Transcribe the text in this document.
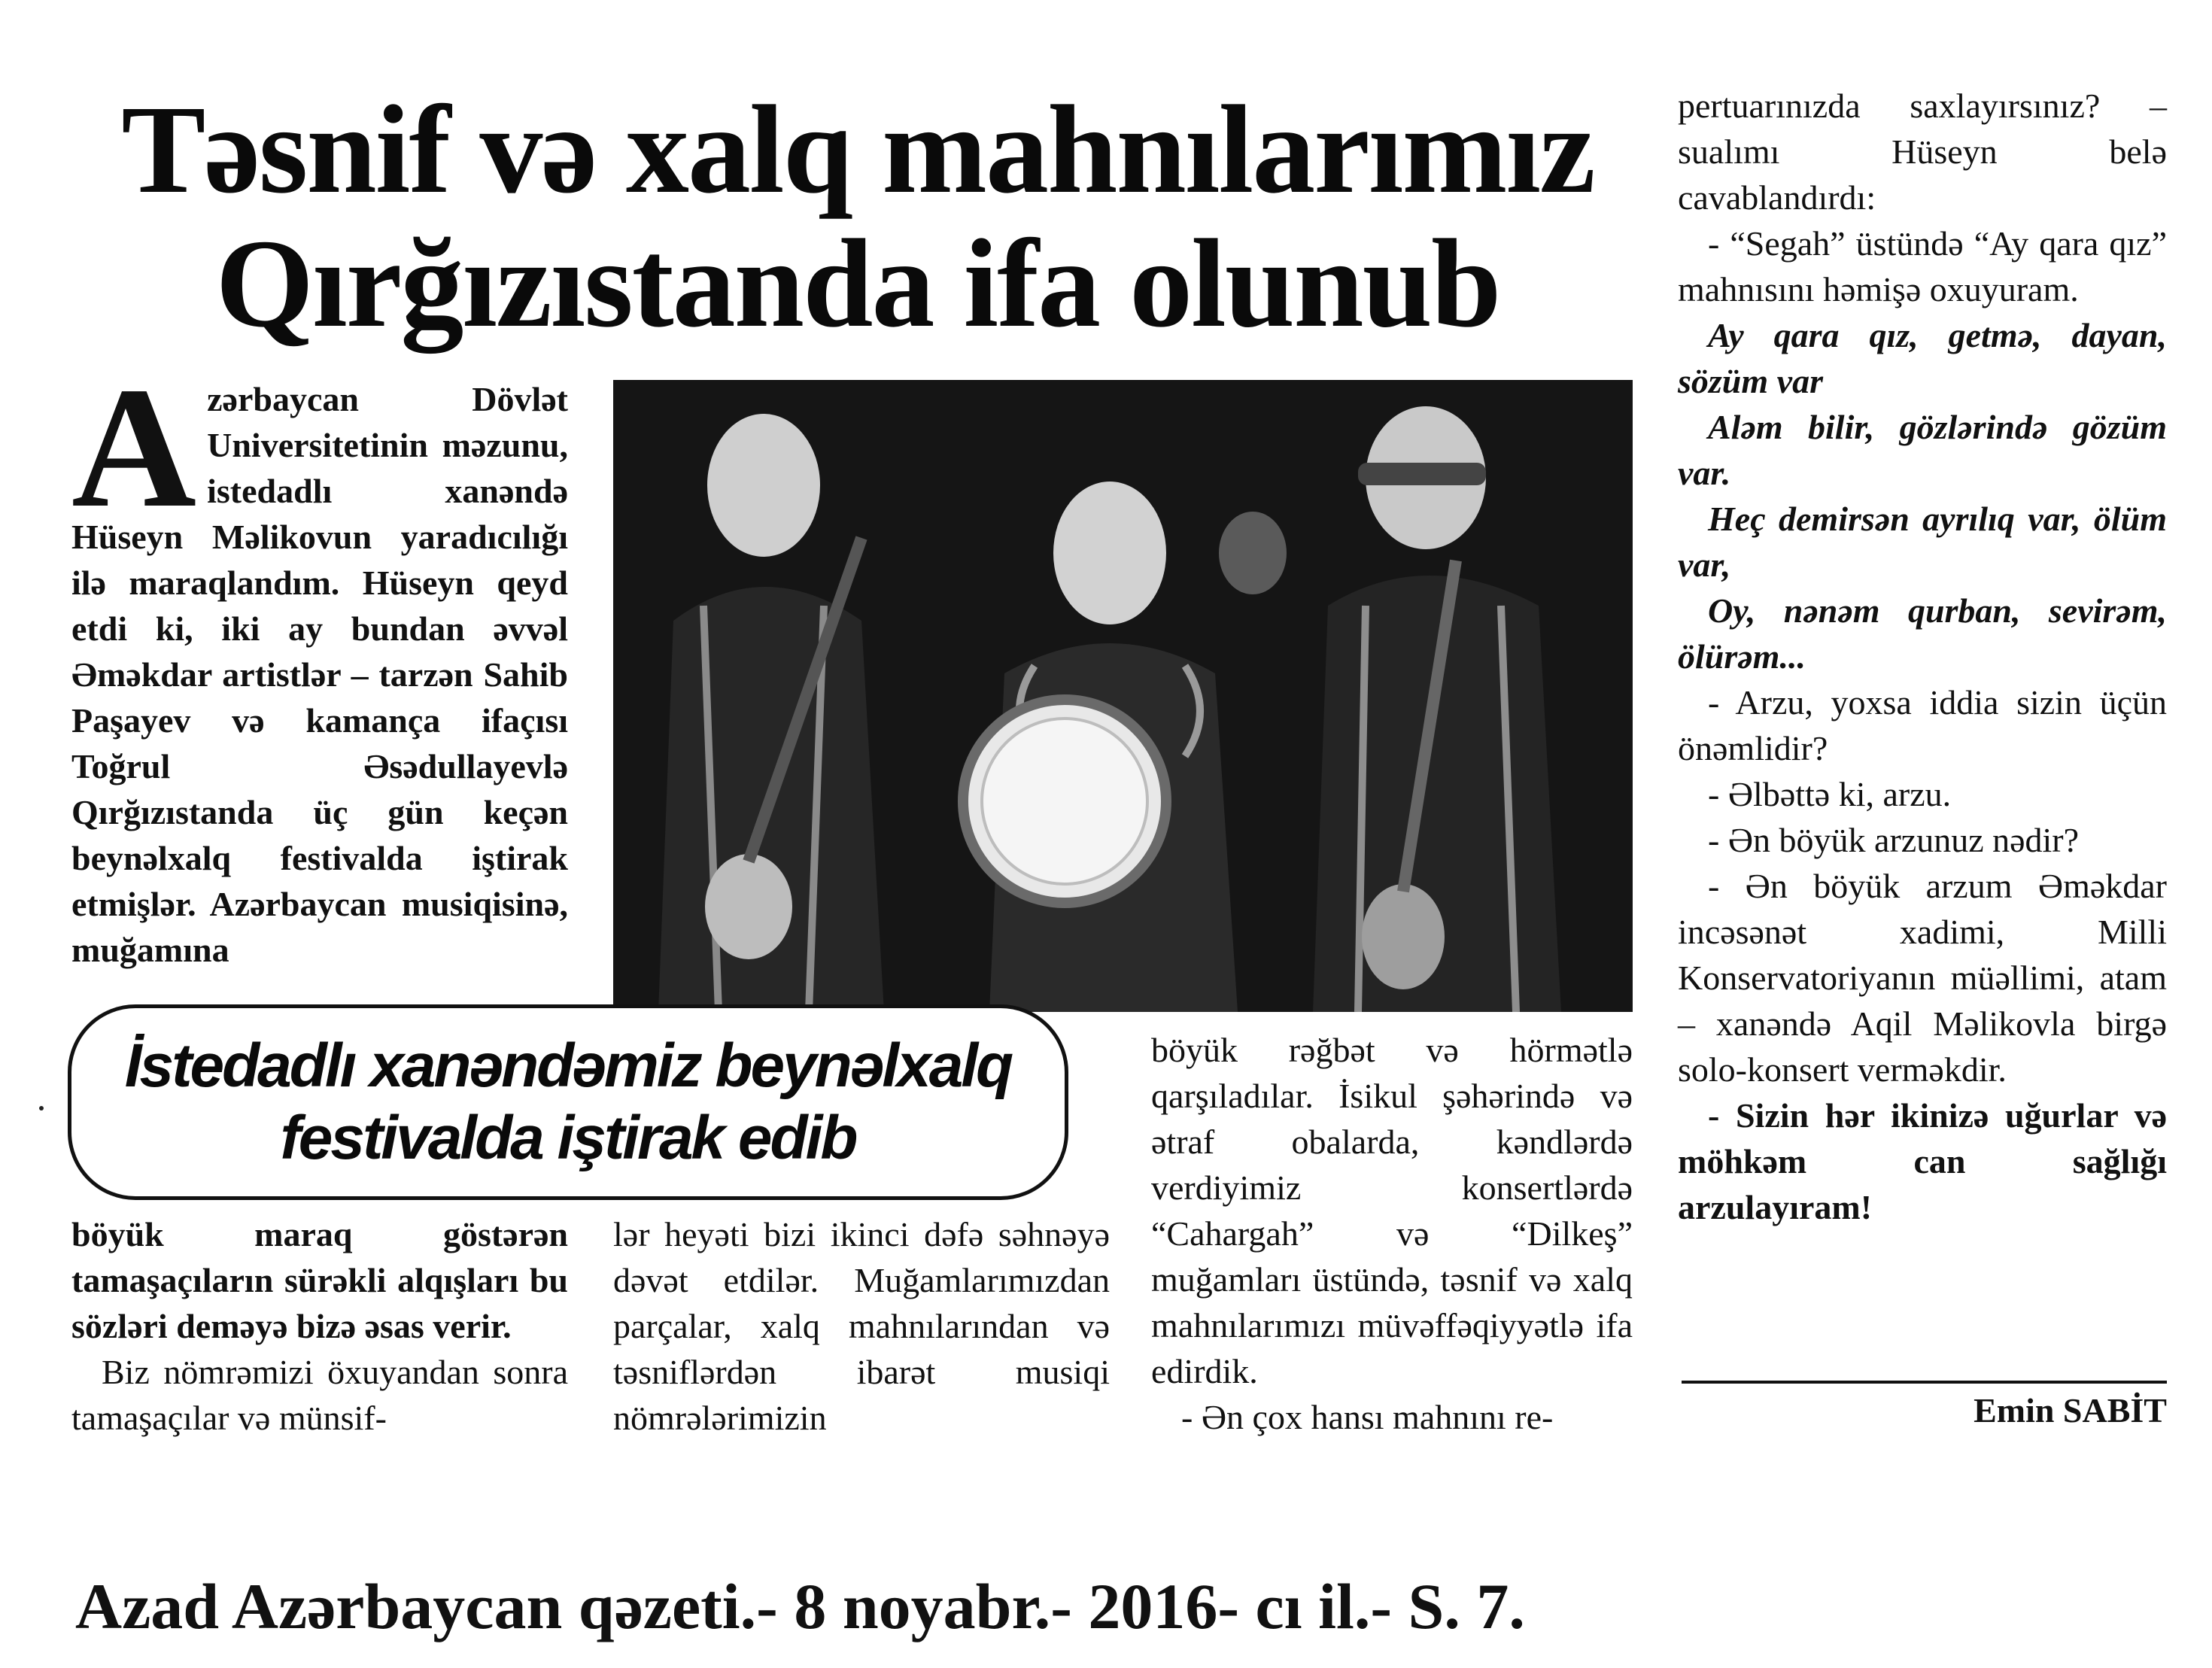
Təsnif və xalq mahnılarımız
Qırğızıstanda ifa olunub
A zərbaycan Dövlət Universitetinin məzunu, istedadlı xanəndə Hüseyn Məlikovun yaradıcılığı ilə maraqlandım. Hüseyn qeyd etdi ki, iki ay bundan əvvəl Əməkdar artistlər – tarzən Sahib Paşayev və kamança ifaçısı Toğrul Əsədullayevlə Qırğızıstanda üç gün keçən beynəlxalq festivalda iştirak etmişlər. Azərbaycan musiqisinə, muğamına
İstedadlı xanəndəmiz beynəlxalq
festivalda iştirak edib

böyük maraq göstərən tamaşaçıların sürəkli alqışları bu sözləri deməyə bizə əsas verir.

Biz nömrəmizi öxuyandan sonra tamaşaçılar və münsif-

lər heyəti bizi ikinci dəfə səhnəyə dəvət etdilər. Muğamlarımızdan parçalar, xalq mahnılarından və təsniflərdən ibarət musiqi nömrələrimizin

böyük rəğbət və hörmətlə qarşıladılar. İsikul şəhərində və ətraf obalarda, kəndlərdə verdiyimiz konsertlərdə “Cahargah” və “Dilkeş” muğamları üstündə, təsnif və xalq mahnılarımızı müvəffəqiyyətlə ifa edirdik.

- Ən çox hansı mahnını re-

pertuarınızda saxlayırsınız? – sualımı Hüseyn belə cavablandırdı:

- “Segah” üstündə “Ay qara qız” mahnısını həmişə oxuyuram.

Ay qara qız, getmə, dayan, sözüm var

Aləm bilir, gözlərində gözüm var.

Heç demirsən ayrılıq var, ölüm var,

Oy, nənəm qurban, sevirəm, ölürəm...

- Arzu, yoxsa iddia sizin üçün önəmlidir?

- Əlbəttə ki, arzu.

- Ən böyük arzunuz nədir?

- Ən böyük arzum Əməkdar incəsənət xadimi, Milli Konservatoriyanın müəllimi, atam – xanəndə Aqil Məlikovla birgə solo-konsert verməkdir.

- Sizin hər ikinizə uğurlar və möhkəm can sağlığı arzulayıram!

Emin SABİT
Azad Azərbaycan qəzeti.- 8 noyabr.- 2016- cı il.- S. 7.
